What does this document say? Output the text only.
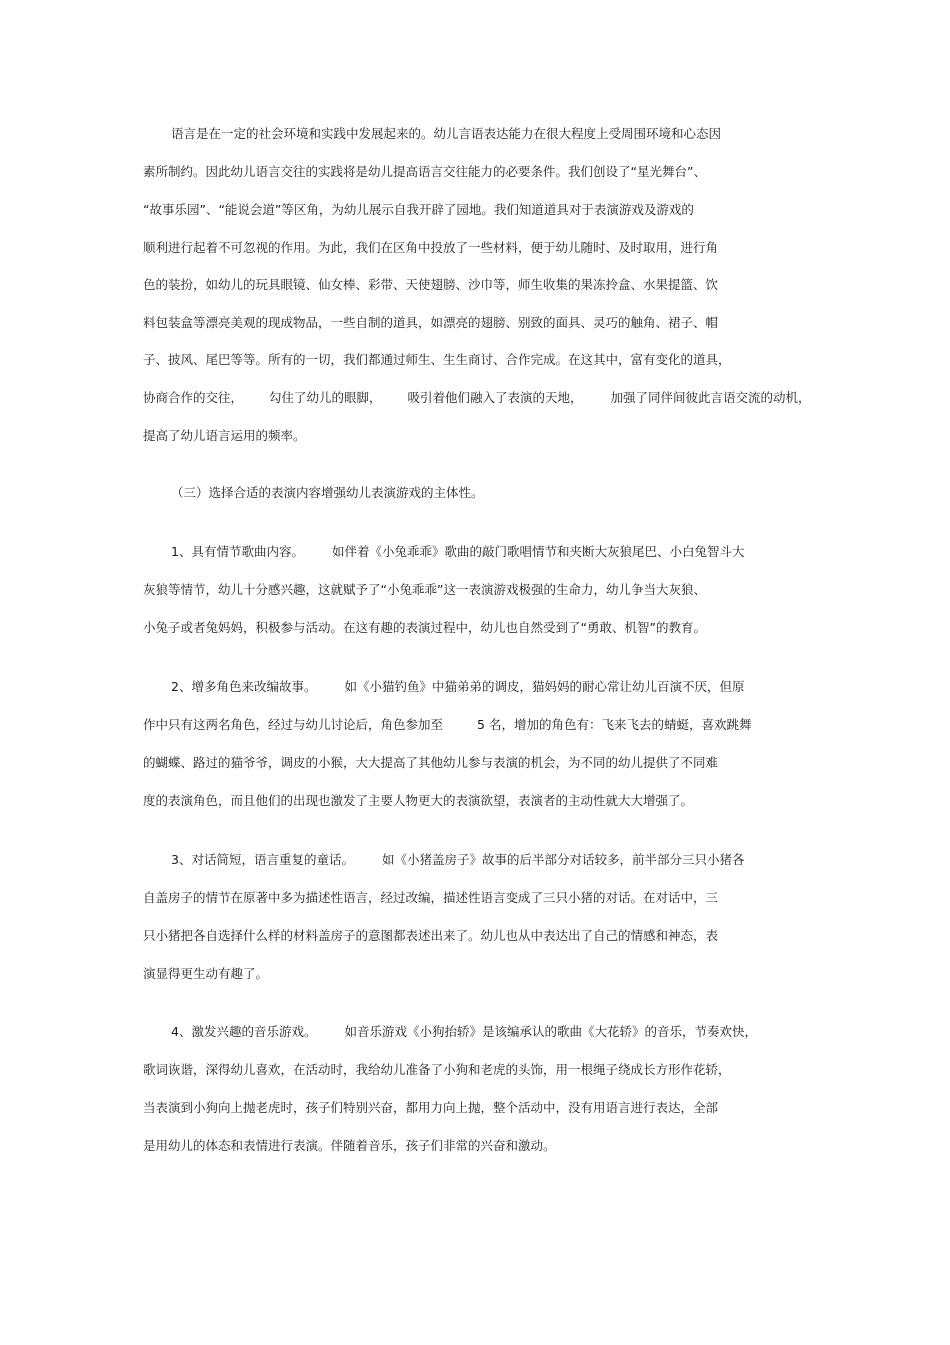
语言是在一定的社会环境和实践中发展起来的。幼儿言语表达能力在很大程度上受周围环境和心态因
素所制约。因此幼儿语言交往的实践将是幼儿提高语言交往能力的必要条件。我们创设了“星光舞台”、
“故事乐园”、“能说会道”等区角，为幼儿展示自我开辟了园地。我们知道道具对于表演游戏及游戏的
顺利进行起着不可忽视的作用。为此，我们在区角中投放了一些材料，便于幼儿随时、及时取用，进行角
色的装扮，如幼儿的玩具眼镜、仙女棒、彩带、天使翅膀、沙巾等，师生收集的果冻拎盒、水果提篮、饮
料包装盒等漂亮美观的现成物品，一些自制的道具，如漂亮的翅膀、别致的面具、灵巧的触角、裙子、帽
子、披风、尾巴等等。所有的一切，我们都通过师生、生生商讨、合作完成。在这其中，富有变化的道具，
协商合作的交往， 勾住了幼儿的眼脚， 吸引着他们融入了表演的天地， 加强了同伴间彼此言语交流的动机，
提高了幼儿语言运用的频率。
（三）选择合适的表演内容增强幼儿表演游戏的主体性。
1、具有情节歌曲内容。 如伴着《小兔乖乖》歌曲的敲门歌唱情节和夹断大灰狼尾巴、小白兔智斗大
灰狼等情节，幼儿十分感兴趣，这就赋予了“小兔乖乖”这一表演游戏极强的生命力，幼儿争当大灰狼、
小兔子或者兔妈妈，积极参与活动。在这有趣的表演过程中，幼儿也自然受到了“勇敢、机智”的教育。
2、增多角色来改编故事。 如《小猫钓鱼》中猫弟弟的调皮，猫妈妈的耐心常让幼儿百演不厌，但原
作中只有这两名角色，经过与幼儿讨论后，角色参加至	5 名，增加的角色有：飞来飞去的蜻蜓，喜欢跳舞
的蝴蝶、路过的猫爷爷，调皮的小猴，大大提高了其他幼儿参与表演的机会，为不同的幼儿提供了不同难
度的表演角色，而且他们的出现也激发了主要人物更大的表演欲望，表演者的主动性就大大增强了。
3、对话简短，语言重复的童话。 如《小猪盖房子》故事的后半部分对话较多，前半部分三只小猪各
自盖房子的情节在原著中多为描述性语言，经过改编，描述性语言变成了三只小猪的对话。在对话中，三
只小猪把各自选择什么样的材料盖房子的意图都表述出来了。幼儿也从中表达出了自己的情感和神态，表
演显得更生动有趣了。
4、激发兴趣的音乐游戏。 如音乐游戏《小狗抬轿》是该编承认的歌曲《大花轿》的音乐，节奏欢快，
歌词诙谐，深得幼儿喜欢，在活动时，我给幼儿准备了小狗和老虎的头饰，用一根绳子绕成长方形作花轿，
当表演到小狗向上抛老虎时，孩子们特别兴奋，都用力向上抛，整个活动中，没有用语言进行表达，全部
是用幼儿的体态和表情进行表演。伴随着音乐，孩子们非常的兴奋和激动。
